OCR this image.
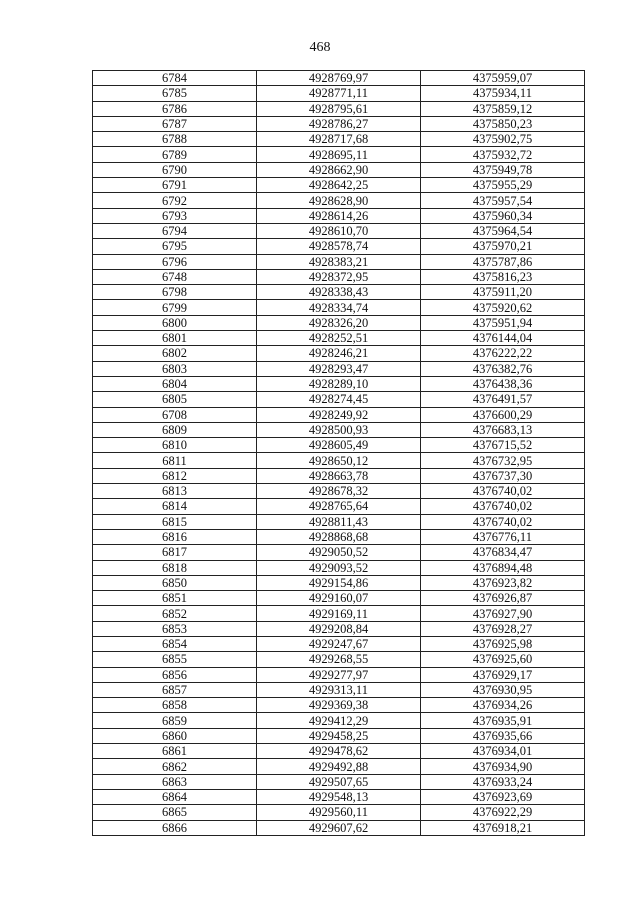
468
6784	4928769,97	4375959,07
6785	4928771,11	4375934,11
6786	4928795,61	4375859,12
6787	4928786,27	4375850,23
6788	4928717,68	4375902,75
6789	4928695,11	4375932,72
6790	4928662,90	4375949,78
6791	4928642,25	4375955,29
6792	4928628,90	4375957,54
6793	4928614,26	4375960,34
6794	4928610,70	4375964,54
6795	4928578,74	4375970,21
6796	4928383,21	4375787,86
6748	4928372,95	4375816,23
6798	4928338,43	4375911,20
6799	4928334,74	4375920,62
6800	4928326,20	4375951,94
6801	4928252,51	4376144,04
6802	4928246,21	4376222,22
6803	4928293,47	4376382,76
6804	4928289,10	4376438,36
6805	4928274,45	4376491,57
6708	4928249,92	4376600,29
6809	4928500,93	4376683,13
6810	4928605,49	4376715,52
6811	4928650,12	4376732,95
6812	4928663,78	4376737,30
6813	4928678,32	4376740,02
6814	4928765,64	4376740,02
6815	4928811,43	4376740,02
6816	4928868,68	4376776,11
6817	4929050,52	4376834,47
6818	4929093,52	4376894,48
6850	4929154,86	4376923,82
6851	4929160,07	4376926,87
6852	4929169,11	4376927,90
6853	4929208,84	4376928,27
6854	4929247,67	4376925,98
6855	4929268,55	4376925,60
6856	4929277,97	4376929,17
6857	4929313,11	4376930,95
6858	4929369,38	4376934,26
6859	4929412,29	4376935,91
6860	4929458,25	4376935,66
6861	4929478,62	4376934,01
6862	4929492,88	4376934,90
6863	4929507,65	4376933,24
6864	4929548,13	4376923,69
6865	4929560,11	4376922,29
6866	4929607,62	4376918,21
